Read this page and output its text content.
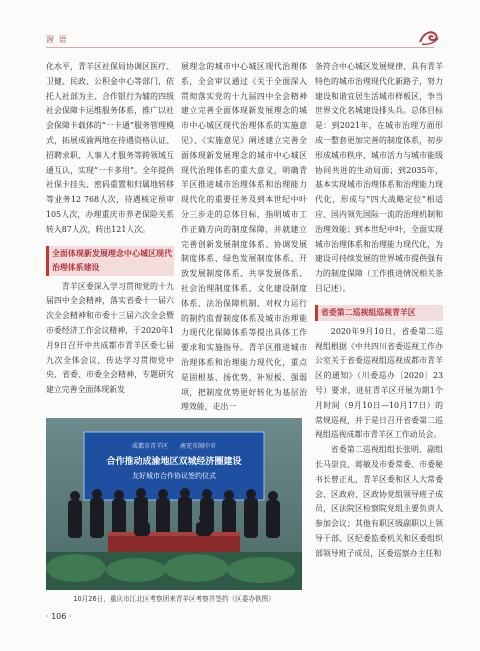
渥 语

化水平，青羊区社保局协调区医疗、卫健、民政、公积金中心等部门，依托人社部为主、合作银行为辅的四级社会保障卡运维服务体系，推广以社会保障卡载体的“一卡通”服务管理模式，拓展成渝两地在待遇资格认证、招聘求职、人事人才服务等跨领域互通互认，实现“一卡多用”。全年提供社保卡挂失、密码重置和归属地转移等业务12 768人次，待遇核定预审105人次，办理重庆市养老保险关系转入87人次，转出121人次。

全面体现新发展理念中心城区现代治理体系建设

青羊区委深入学习贯彻党的十九届四中全会精神，落实省委十一届六次全会精神和市委十三届六次全会暨市委经济工作会议精神，于2020年1月9日召开中共成都市青羊区委七届九次全体会议，传达学习贯彻党中央、省委、市委全会精神，专题研究建立完善全面体现新发

展理念的城市中心城区现代治理体系，全会审议通过《关于全面深入贯彻落实党的十九届四中全会精神建立完善全面体现新发展理念的城市中心城区现代治理体系的实施意见》、《实施意见》阐述建立完善全面体现新发展理念的城市中心城区现代治理体系的重大意义，明确青羊区推进城市治理体系和治理能力现代化的重要任务及到本世纪中叶分三步走的总体目标，指明城市工作正确方向的制度保障，并就建立完善创新发展制度体系、协调发展制度体系、绿色发展制度体系、开放发展制度体系、共享发展体系、社会治理制度体系、文化建设制度体系、法治保障机制、对权力运行的制约监督制度体系及城市治理能力现代化保障体系等提出具体工作要求和实施指导。青羊区推进城市治理体系和治理能力现代化，重点是固根基、扬优势、补短板、强弱项，把制度优势更好转化为基层治理效能，走出一

条符合中心城区发展规律、具有青羊特色的城市治理现代化新路子，努力建设和谐宜居生活城市样板区，争当世界文化名城建设排头兵。总体目标是：到2021年，在城市治理方面形成一整套更加完善的制度体系，初步形成城市秩序、城市活力与城市能级协同共进的生动局面；到2035年，基本实现城市治理体系和治理能力现代化，形成与“四大战略定位”相适应、国内领先国际一流的治理机制和治理效能；到本世纪中叶，全面实现城市治理体系和治理能力现代化，为建设可持续发展的世界城市提供强有力的制度保障（工作推进情况相关条目记述）。

省委第二巡视组巡视青羊区

2020年9月10日，省委第二巡视组根据《中共四川省委巡视工作办公室关于省委巡视组巡视成都市青羊区的通知》（川委巡办〔2020〕23号）要求，进驻青羊区开展为期1个月时间（9月10日—10月17日）的常规巡视，并于是日召开省委第二巡视组巡视成都市青羊区工作动员会。

省委第二巡视组组长张明、副组长马崇良、蒋敏及市委常委、市委秘书长曾正礼，青羊区委和区人大常委会、区政府、区政协党组领导班子成员，区法院区检察院党组主要负责人参加会议；其他有职区级副职以上领导干部、区纪委监委机关和区委组织部领导班子成员，区委巡察办主任和

成都市青羊区　　南充市阆中市
合作推动成渝地区双城经济圈建设
友好城市合作协议签约仪式
10月26日，重庆市江北区考察团来青羊区考察并签约（区委办供图）
· 106 ·
